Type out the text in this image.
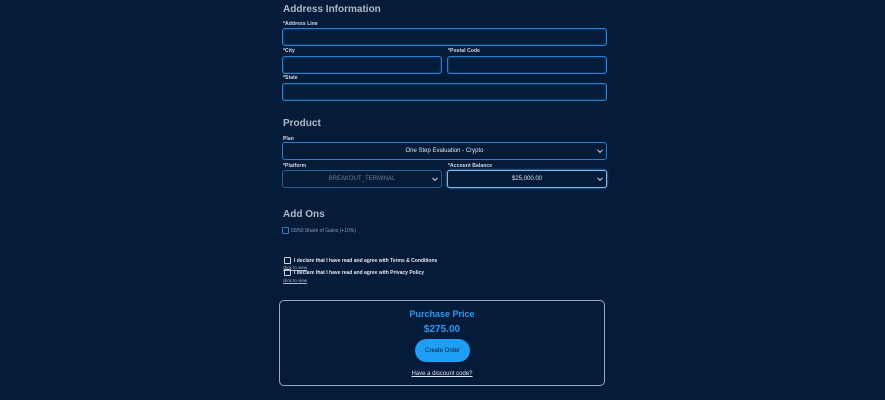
Address Information
*Address Line
*City	*Postal Code
*State
Product
Plan
One Step Evaluation - Crypto
*Platform
BREAKOUT_TERMINAL
*Account Balance
$25,000.00
Add Ons
50/50 Share of Gains (+10%)
I declare that I have read and agree with Terms & Conditions
click to view
I declare that I have read and agree with Privacy Policy
click to view
Purchase Price
$275.00
Create Order
Have a discount code?
